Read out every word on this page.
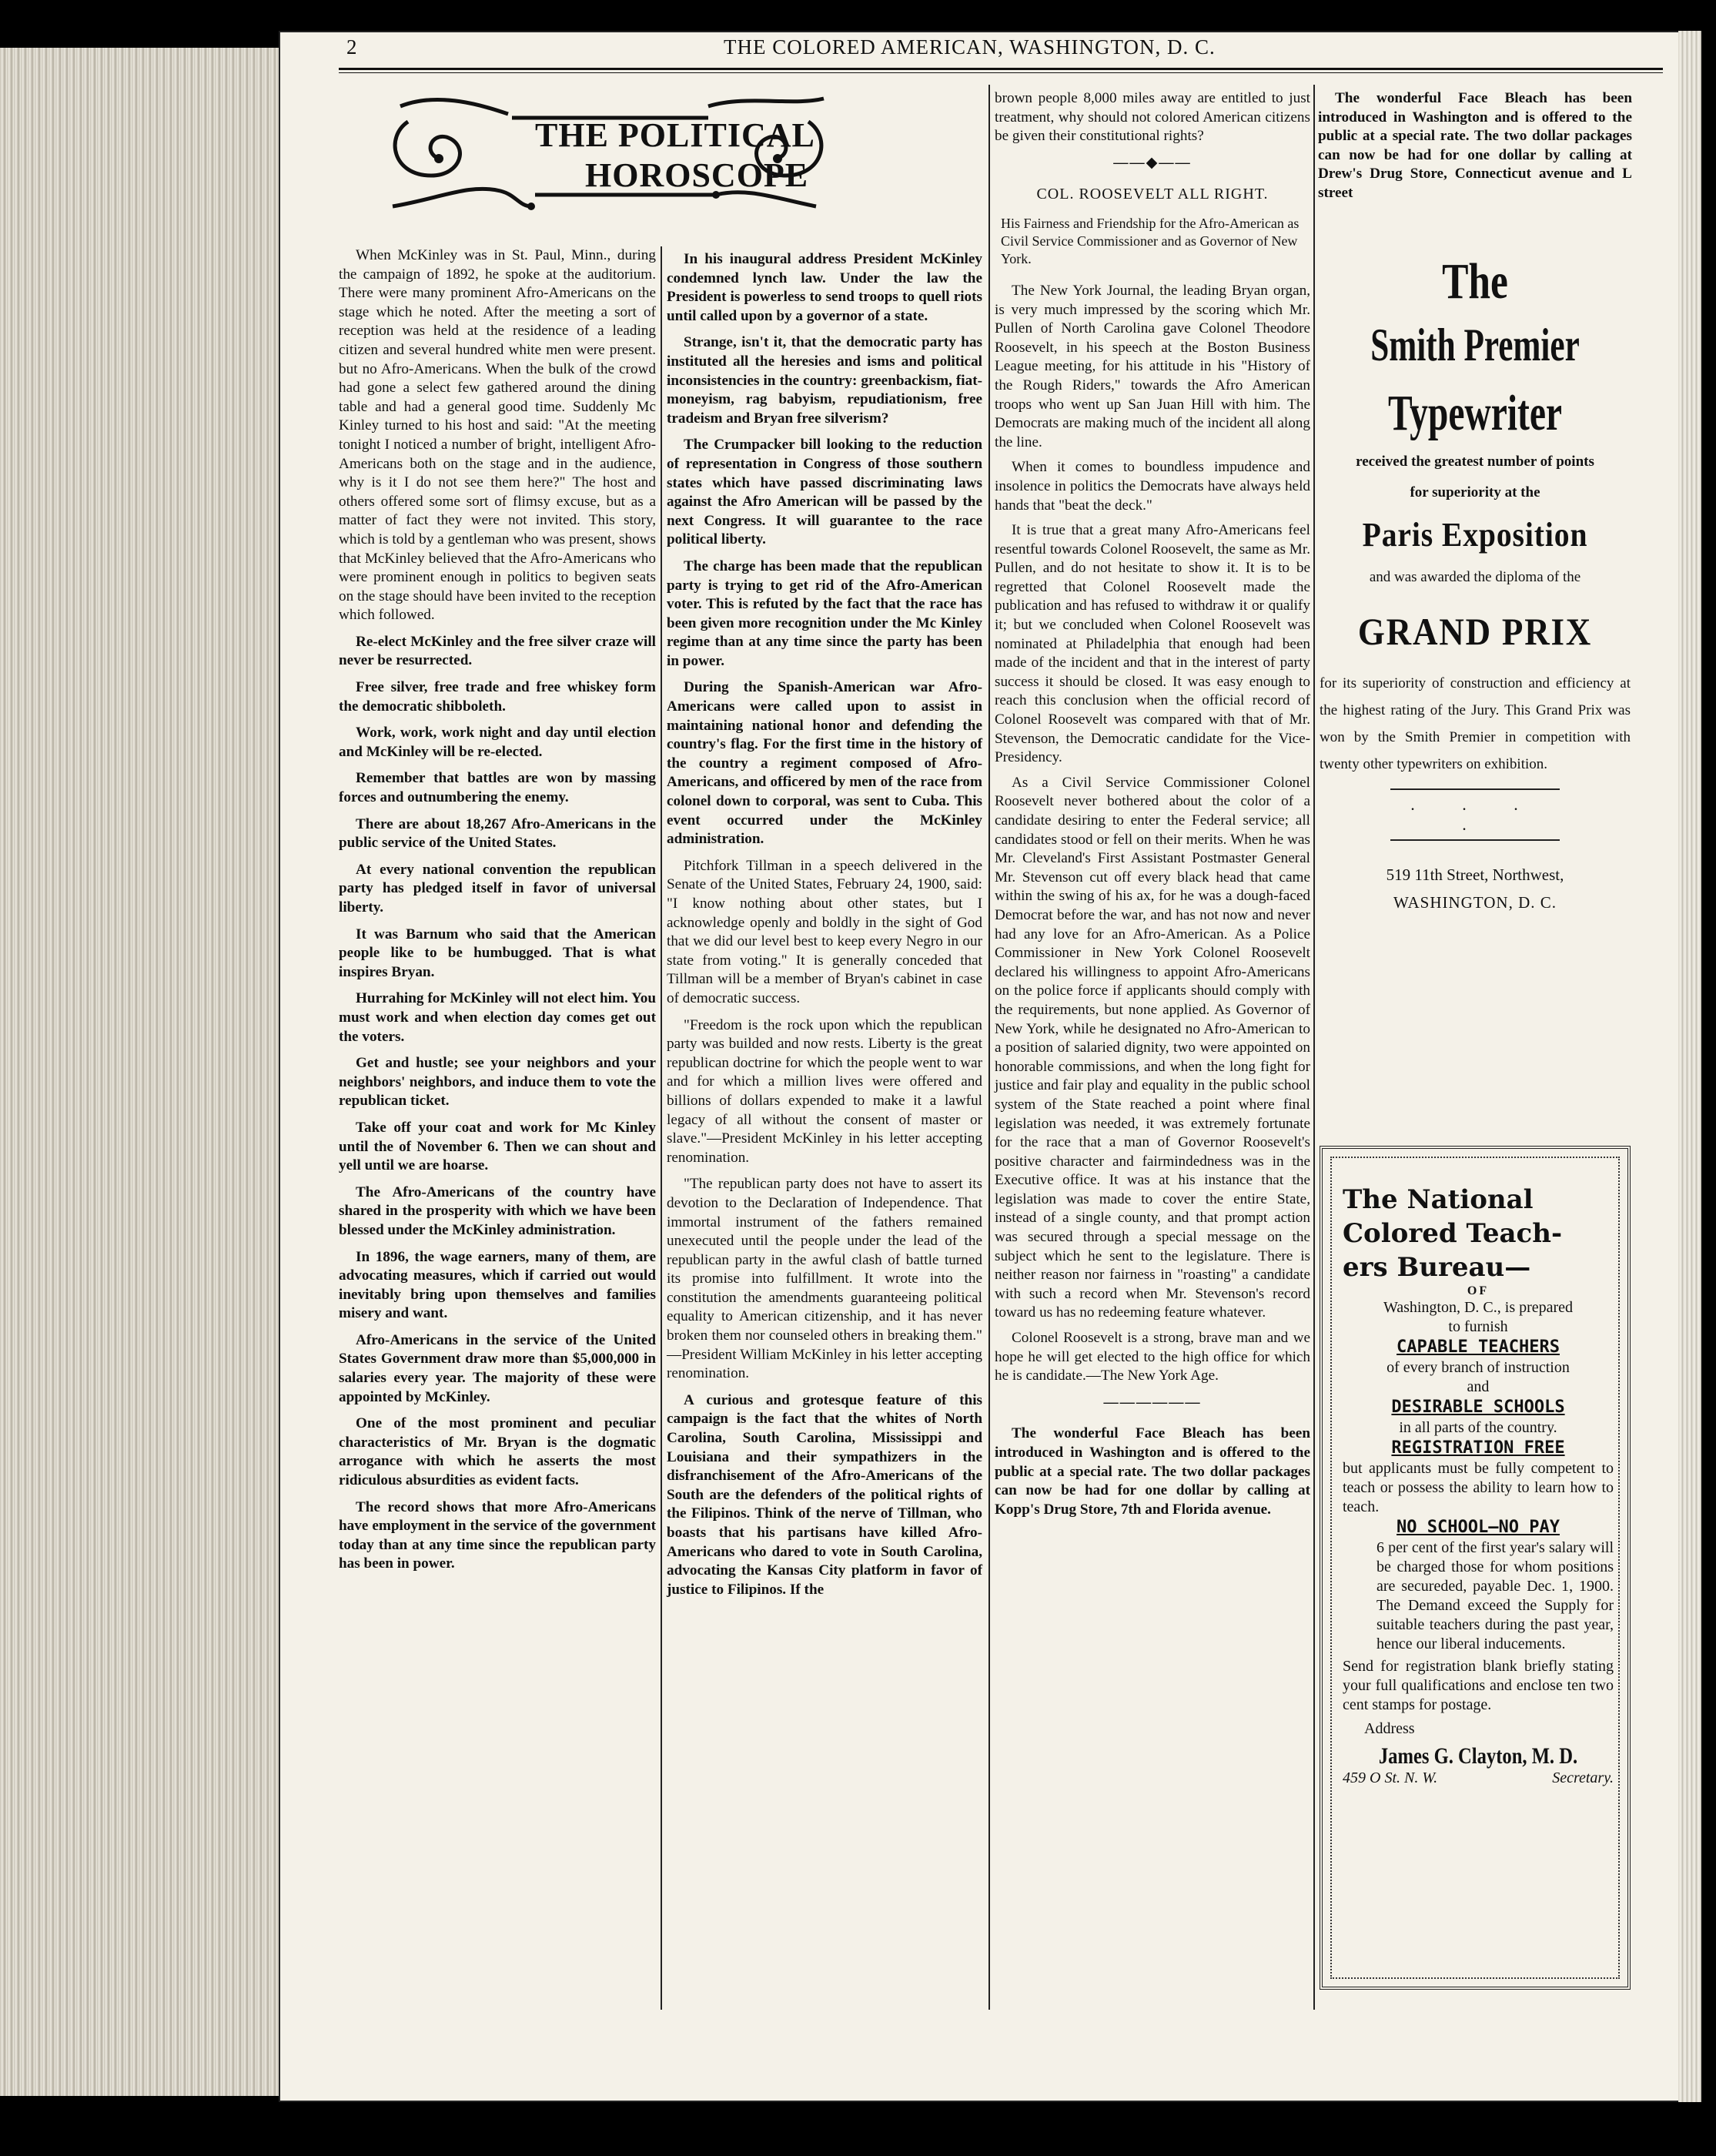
2	THE COLORED AMERICAN, WASHINGTON, D. C.
THE POLITICAL
HOROSCOPE

When McKinley was in St. Paul, Minn., during the campaign of 1892, he spoke at the auditorium. There were many prominent Afro-Americans on the stage which he noted. After the meeting a sort of reception was held at the residence of a leading citizen and several hundred white men were present. but no Afro-Americans. When the bulk of the crowd had gone a select few gathered around the dining table and had a general good time. Suddenly Mc Kinley turned to his host and said: "At the meeting tonight I noticed a number of bright, intelligent Afro-Americans both on the stage and in the audience, why is it I do not see them here?" The host and others offered some sort of flimsy excuse, but as a matter of fact they were not invited. This story, which is told by a gentleman who was present, shows that McKinley believed that the Afro-Americans who were prominent enough in politics to begiven seats on the stage should have been invited to the reception which followed.

Re-elect McKinley and the free silver craze will never be resurrected.

Free silver, free trade and free whiskey form the democratic shibboleth.

Work, work, work night and day until election and McKinley will be re-elected.

Remember that battles are won by massing forces and outnumbering the enemy.

There are about 18,267 Afro-Americans in the public service of the United States.

At every national convention the republican party has pledged itself in favor of universal liberty.

It was Barnum who said that the American people like to be humbugged. That is what inspires Bryan.

Hurrahing for McKinley will not elect him. You must work and when election day comes get out the voters.

Get and hustle; see your neighbors and your neighbors' neighbors, and induce them to vote the republican ticket.

Take off your coat and work for Mc Kinley until the of November 6. Then we can shout and yell until we are hoarse.

The Afro-Americans of the country have shared in the prosperity with which we have been blessed under the McKinley administration.

In 1896, the wage earners, many of them, are advocating measures, which if carried out would inevitably bring upon themselves and families misery and want.

Afro-Americans in the service of the United States Government draw more than $5,000,000 in salaries every year. The majority of these were appointed by McKinley.

One of the most prominent and peculiar characteristics of Mr. Bryan is the dogmatic arrogance with which he asserts the most ridiculous absurdities as evident facts.

The record shows that more Afro-Americans have employment in the service of the government today than at any time since the republican party has been in power.

In his inaugural address President McKinley condemned lynch law. Under the law the President is powerless to send troops to quell riots until called upon by a governor of a state.

Strange, isn't it, that the democratic party has instituted all the heresies and isms and political inconsistencies in the country: greenbackism, fiat-moneyism, rag babyism, repudiationism, free tradeism and Bryan free silverism?

The Crumpacker bill looking to the reduction of representation in Congress of those southern states which have passed discriminating laws against the Afro American will be passed by the next Congress. It will guarantee to the race political liberty.

The charge has been made that the republican party is trying to get rid of the Afro-American voter. This is refuted by the fact that the race has been given more recognition under the Mc Kinley regime than at any time since the party has been in power.

During the Spanish-American war Afro-Americans were called upon to assist in maintaining national honor and defending the country's flag. For the first time in the history of the country a regiment composed of Afro-Americans, and officered by men of the race from colonel down to corporal, was sent to Cuba. This event occurred under the McKinley administration.

Pitchfork Tillman in a speech delivered in the Senate of the United States, February 24, 1900, said: "I know nothing about other states, but I acknowledge openly and boldly in the sight of God that we did our level best to keep every Negro in our state from voting." It is generally conceded that Tillman will be a member of Bryan's cabinet in case of democratic success.

"Freedom is the rock upon which the republican party was builded and now rests. Liberty is the great republican doctrine for which the people went to war and for which a million lives were offered and billions of dollars expended to make it a lawful legacy of all without the consent of master or slave."—President McKinley in his letter accepting renomination.

"The republican party does not have to assert its devotion to the Declaration of Independence. That immortal instrument of the fathers remained unexecuted until the people under the lead of the republican party in the awful clash of battle turned its promise into fulfillment. It wrote into the constitution the amendments guaranteeing political equality to American citizenship, and it has never broken them nor counseled others in breaking them." —President William McKinley in his letter accepting renomination.

A curious and grotesque feature of this campaign is the fact that the whites of North Carolina, South Carolina, Mississippi and Louisiana and their sympathizers in the disfranchisement of the Afro-Americans of the South are the defenders of the political rights of the Filipinos. Think of the nerve of Tillman, who boasts that his partisans have killed Afro-Americans who dared to vote in South Carolina, advocating the Kansas City platform in favor of justice to Filipinos. If the

brown people 8,000 miles away are entitled to just treatment, why should not colored American citizens be given their constitutional rights?

——◆——
COL. ROOSEVELT ALL RIGHT.
His Fairness and Friendship for the Afro-American as Civil Service Commissioner and as Governor of New York.

The New York Journal, the leading Bryan organ, is very much impressed by the scoring which Mr. Pullen of North Carolina gave Colonel Theodore Roosevelt, in his speech at the Boston Business League meeting, for his attitude in his "History of the Rough Riders," towards the Afro American troops who went up San Juan Hill with him. The Democrats are making much of the incident all along the line.

When it comes to boundless impudence and insolence in politics the Democrats have always held hands that "beat the deck."

It is true that a great many Afro-Americans feel resentful towards Colonel Roosevelt, the same as Mr. Pullen, and do not hesitate to show it. It is to be regretted that Colonel Roosevelt made the publication and has refused to withdraw it or qualify it; but we concluded when Colonel Roosevelt was nominated at Philadelphia that enough had been made of the incident and that in the interest of party success it should be closed. It was easy enough to reach this conclusion when the official record of Colonel Roosevelt was compared with that of Mr. Stevenson, the Democratic candidate for the Vice-Presidency.

As a Civil Service Commissioner Colonel Roosevelt never bothered about the color of a candidate desiring to enter the Federal service; all candidates stood or fell on their merits. When he was Mr. Cleveland's First Assistant Postmaster General Mr. Stevenson cut off every black head that came within the swing of his ax, for he was a dough-faced Democrat before the war, and has not now and never had any love for an Afro-American. As a Police Commissioner in New York Colonel Roosevelt declared his willingness to appoint Afro-Americans on the police force if applicants should comply with the requirements, but none applied. As Governor of New York, while he designated no Afro-American to a position of salaried dignity, two were appointed on honorable commissions, and when the long fight for justice and fair play and equality in the public school system of the State reached a point where final legislation was needed, it was extremely fortunate for the race that a man of Governor Roosevelt's positive character and fairmindedness was in the Executive office. It was at his instance that the legislation was made to cover the entire State, instead of a single county, and that prompt action was secured through a special message on the subject which he sent to the legislature. There is neither reason nor fairness in "roasting" a candidate with such a record when Mr. Stevenson's record toward us has no redeeming feature whatever.

Colonel Roosevelt is a strong, brave man and we hope he will get elected to the high office for which he is candidate.—The New York Age.

——————

The wonderful Face Bleach has been introduced in Washington and is offered to the public at a special rate. The two dollar packages can now be had for one dollar by calling at Kopp's Drug Store, 7th and Florida avenue.

The wonderful Face Bleach has been introduced in Washington and is offered to the public at a special rate. The two dollar packages can now be had for one dollar by calling at Drew's Drug Store, Connecticut avenue and L street

The
Smith Premier
Typewriter
received the greatest number of points
for superiority at the
Paris Exposition
and was awarded the diploma of the
GRAND PRIX
for its superiority of construction and efficiency at the highest rating of the Jury. This Grand Prix was won by the Smith Premier in competition with twenty other typewriters on exhibition.
. . . .
519 11th Street, Northwest,
WASHINGTON, D. C.
The National
Colored Teach-
ers Bureau—
OF
Washington, D. C., is prepared
to furnish
CAPABLE TEACHERS
of every branch of instruction
and
DESIRABLE SCHOOLS
in all parts of the country.
REGISTRATION FREE
but applicants must be fully competent to teach or possess the ability to learn how to teach.
NO SCHOOL—NO PAY
6 per cent of the first year's salary will be charged those for whom positions are secureded, payable Dec. 1, 1900. The Demand exceed the Supply for suitable teachers during the past year, hence our liberal inducements.
Send for registration blank briefly stating your full qualifications and enclose ten two cent stamps for postage.
Address
James G. Clayton, M. D.
459 O St. N. W.	Secretary.
